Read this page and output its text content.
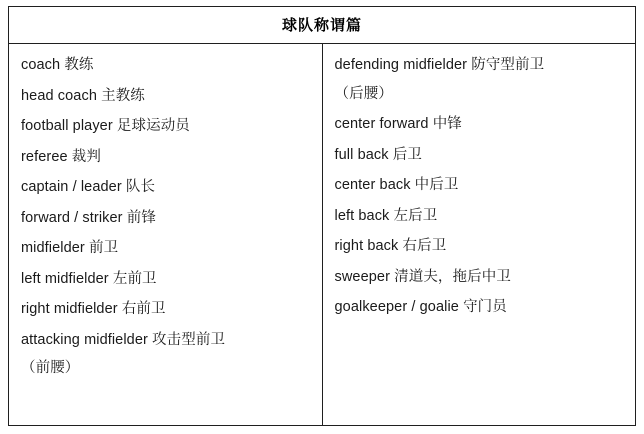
球队称谓篇

coach 教练
head coach 主教练
football player 足球运动员
referee 裁判
captain / leader 队长
forward / striker 前锋
midfielder 前卫
left midfielder 左前卫
right midfielder 右前卫
attacking midfielder 攻击型前卫
（前腰）

defending midfielder 防守型前卫
（后腰）
center forward 中锋
full back 后卫
center back 中后卫
left back 左后卫
right back 右后卫
sweeper 清道夫，拖后中卫
goalkeeper / goalie 守门员
